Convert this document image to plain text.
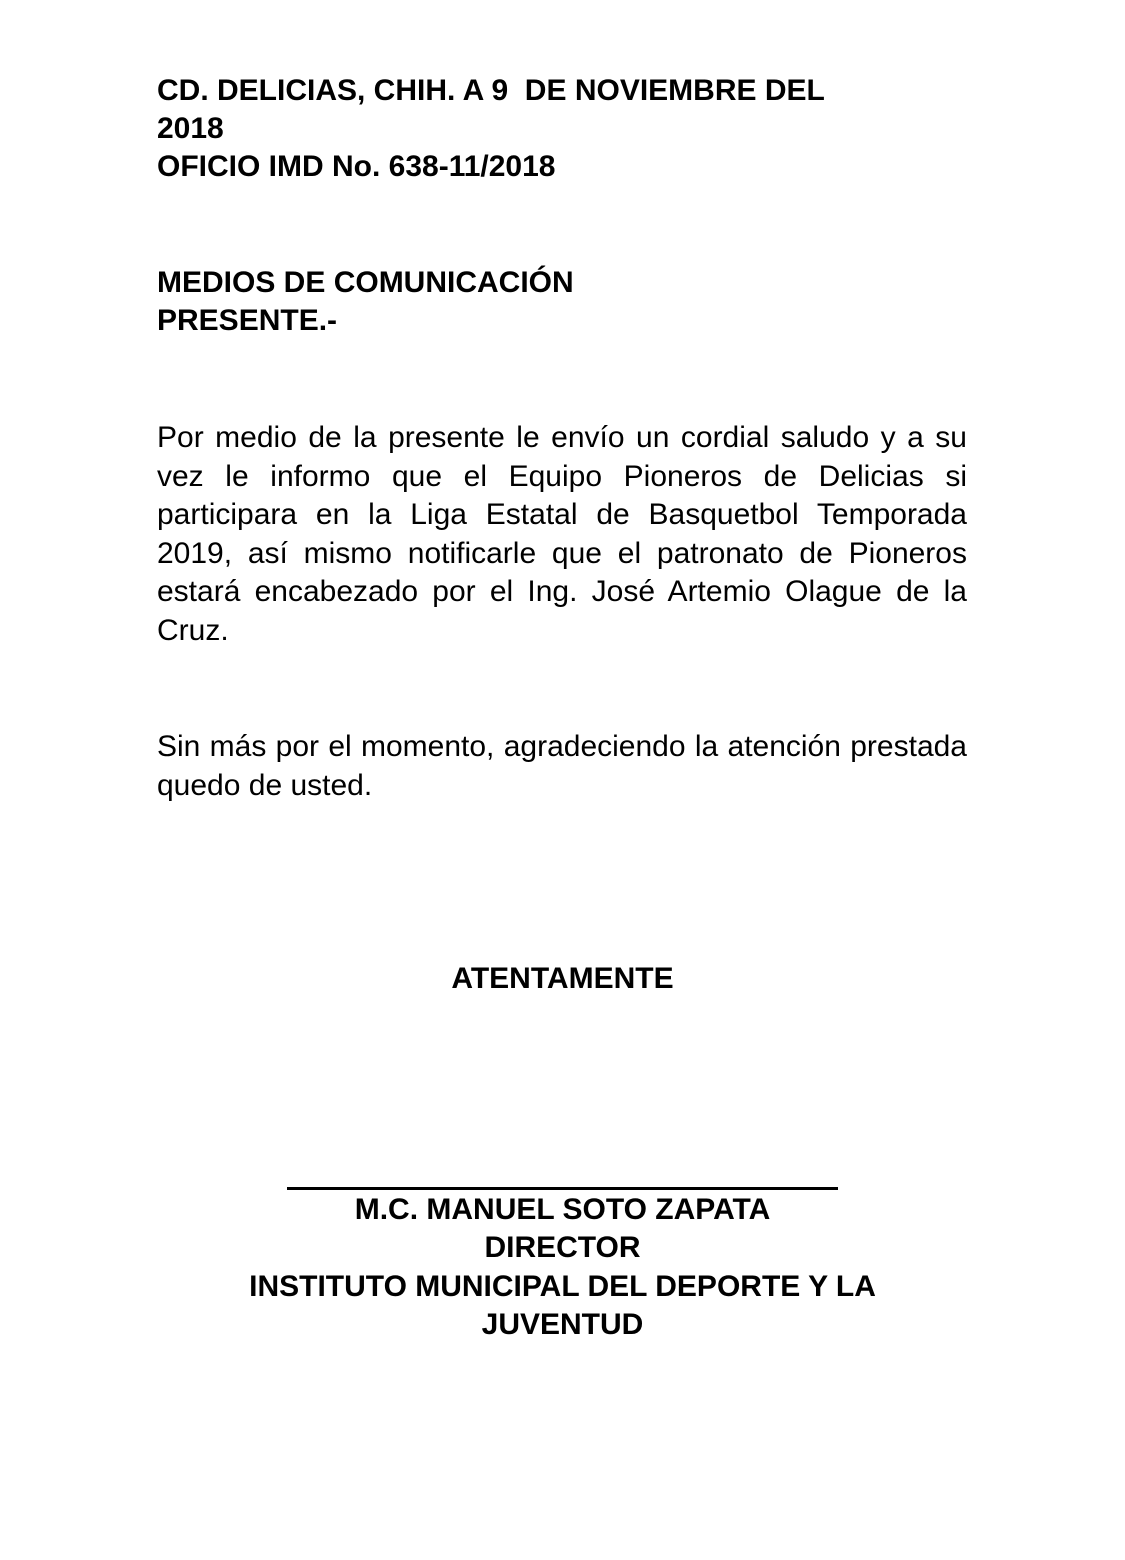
CD. DELICIAS, CHIH. A 9  DE NOVIEMBRE DEL
2018
OFICIO IMD No. 638-11/2018
MEDIOS DE COMUNICACIÓN
PRESENTE.-

Por medio de la presente le envío un cordial saludo y a su vez le informo que el Equipo Pioneros de Delicias si participara en la Liga Estatal de Basquetbol Temporada 2019, así mismo notificarle que el patronato de Pioneros estará encabezado por el Ing. José Artemio Olague de la Cruz.

Sin más por el momento, agradeciendo la atención prestada quedo de usted.

ATENTAMENTE
M.C. MANUEL SOTO ZAPATA
DIRECTOR
INSTITUTO MUNICIPAL DEL DEPORTE Y LA JUVENTUD
